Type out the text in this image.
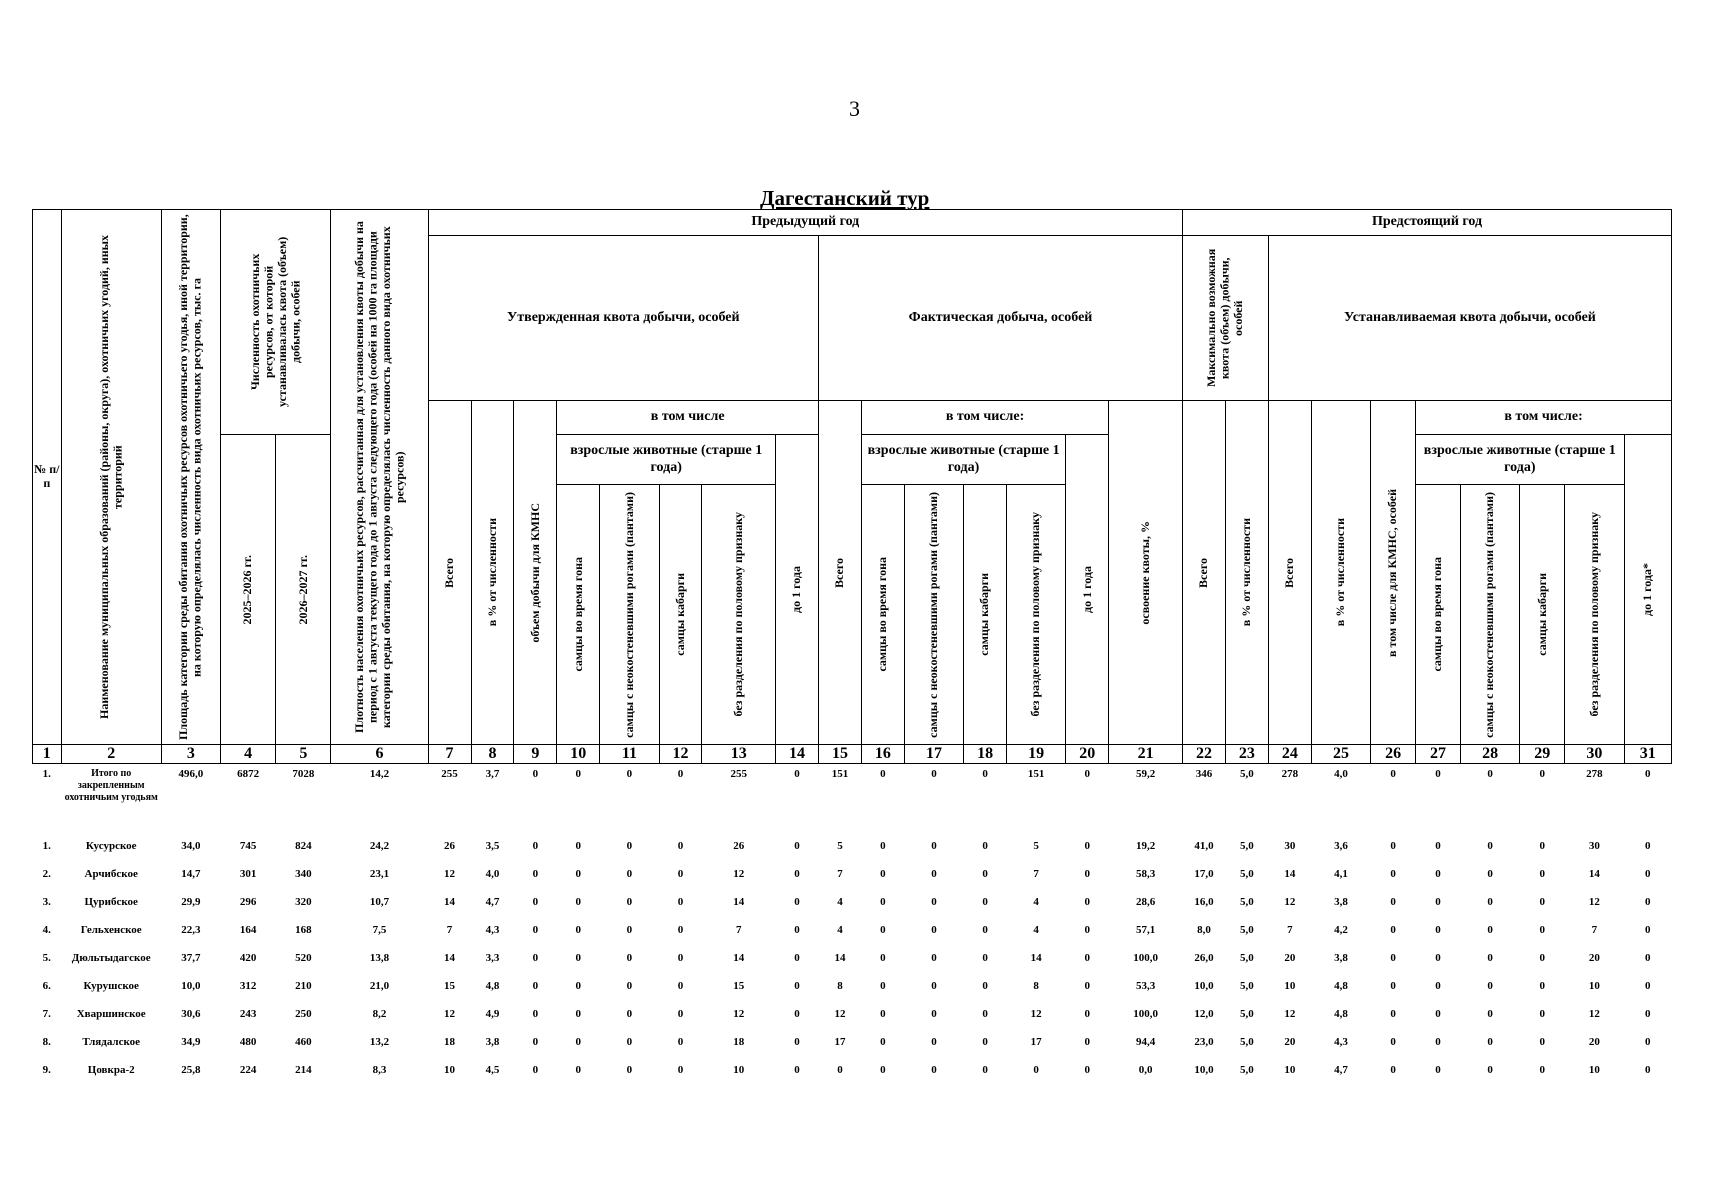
3
Дагестанский тур
№ п/п	Наименование муниципальных образований (районы, округа), охотничьих угодий, иных территорий	Площадь категории среды обитания охотничьих ресурсов охотничьего угодья, иной территории, на которую определялась численность вида охотничьих ресурсов, тыс. га	Численность охотничьих ресурсов, от которой устанавливалась квота (объем) добычи, особей		Плотность населения охотничьих ресурсов, рассчитанная для установления квоты добычи на период с 1 августа текущего года до 1 августа следующего года (особей на 1000 га площади категории среды обитания, на которую определялась численность данного вида охотничьих ресурсов)	Предыдущий год															Предстоящий год									
						Утвержденная квота добычи, особей								Фактическая добыча, особей							Максимально возможная квота (объем) добычи, особей		Устанавливаемая квота добычи, особей							

						Всего	в % от численности	объем добычи для КМНС	в том числе					Всего	в том числе:					освоение квоты, %	Всего	в % от численности	Всего	в % от численности	в том числе для КМНС, особей	в том числе:				

			2025–2026 гг.	2026–2027 гг.					взрослые животные (старше 1 года)				до 1 года		взрослые животные (старше 1 года)				до 1 года							взрослые животные (старше 1 года)				до 1 года*

									самцы во время гона	самцы с неокостеневшими рогами (пантами)	самцы кабарги	без разделения по половому признаку			самцы во время гона	самцы с неокостеневшими рогами (пантами)	самцы кабарги	без разделения по половому признаку								самцы во время гона	самцы с неокостеневшими рогами (пантами)	самцы кабарги	без разделения по половому признаку	

1	2	3	4	5	6	7	8	9	10	11	12	13	14	15	16	17	18	19	20	21	22	23	24	25	26	27	28	29	30	31
1.	Итого по закрепленным охотничьим угодьям	496,0	6872	7028	14,2	255	3,7	0	0	0	0	255	0	151	0	0	0	151	0	59,2	346	5,0	278	4,0	0	0	0	0	278	0
1.	Кусурское	34,0	745	824	24,2	26	3,5	0	0	0	0	26	0	5	0	0	0	5	0	19,2	41,0	5,0	30	3,6	0	0	0	0	30	0
2.	Арчибское	14,7	301	340	23,1	12	4,0	0	0	0	0	12	0	7	0	0	0	7	0	58,3	17,0	5,0	14	4,1	0	0	0	0	14	0
3.	Цурибское	29,9	296	320	10,7	14	4,7	0	0	0	0	14	0	4	0	0	0	4	0	28,6	16,0	5,0	12	3,8	0	0	0	0	12	0
4.	Гельхенское	22,3	164	168	7,5	7	4,3	0	0	0	0	7	0	4	0	0	0	4	0	57,1	8,0	5,0	7	4,2	0	0	0	0	7	0
5.	Дюльтыдагское	37,7	420	520	13,8	14	3,3	0	0	0	0	14	0	14	0	0	0	14	0	100,0	26,0	5,0	20	3,8	0	0	0	0	20	0
6.	Курушское	10,0	312	210	21,0	15	4,8	0	0	0	0	15	0	8	0	0	0	8	0	53,3	10,0	5,0	10	4,8	0	0	0	0	10	0
7.	Хваршинское	30,6	243	250	8,2	12	4,9	0	0	0	0	12	0	12	0	0	0	12	0	100,0	12,0	5,0	12	4,8	0	0	0	0	12	0
8.	Тлядалское	34,9	480	460	13,2	18	3,8	0	0	0	0	18	0	17	0	0	0	17	0	94,4	23,0	5,0	20	4,3	0	0	0	0	20	0
9.	Цовкра-2	25,8	224	214	8,3	10	4,5	0	0	0	0	10	0	0	0	0	0	0	0	0,0	10,0	5,0	10	4,7	0	0	0	0	10	0
